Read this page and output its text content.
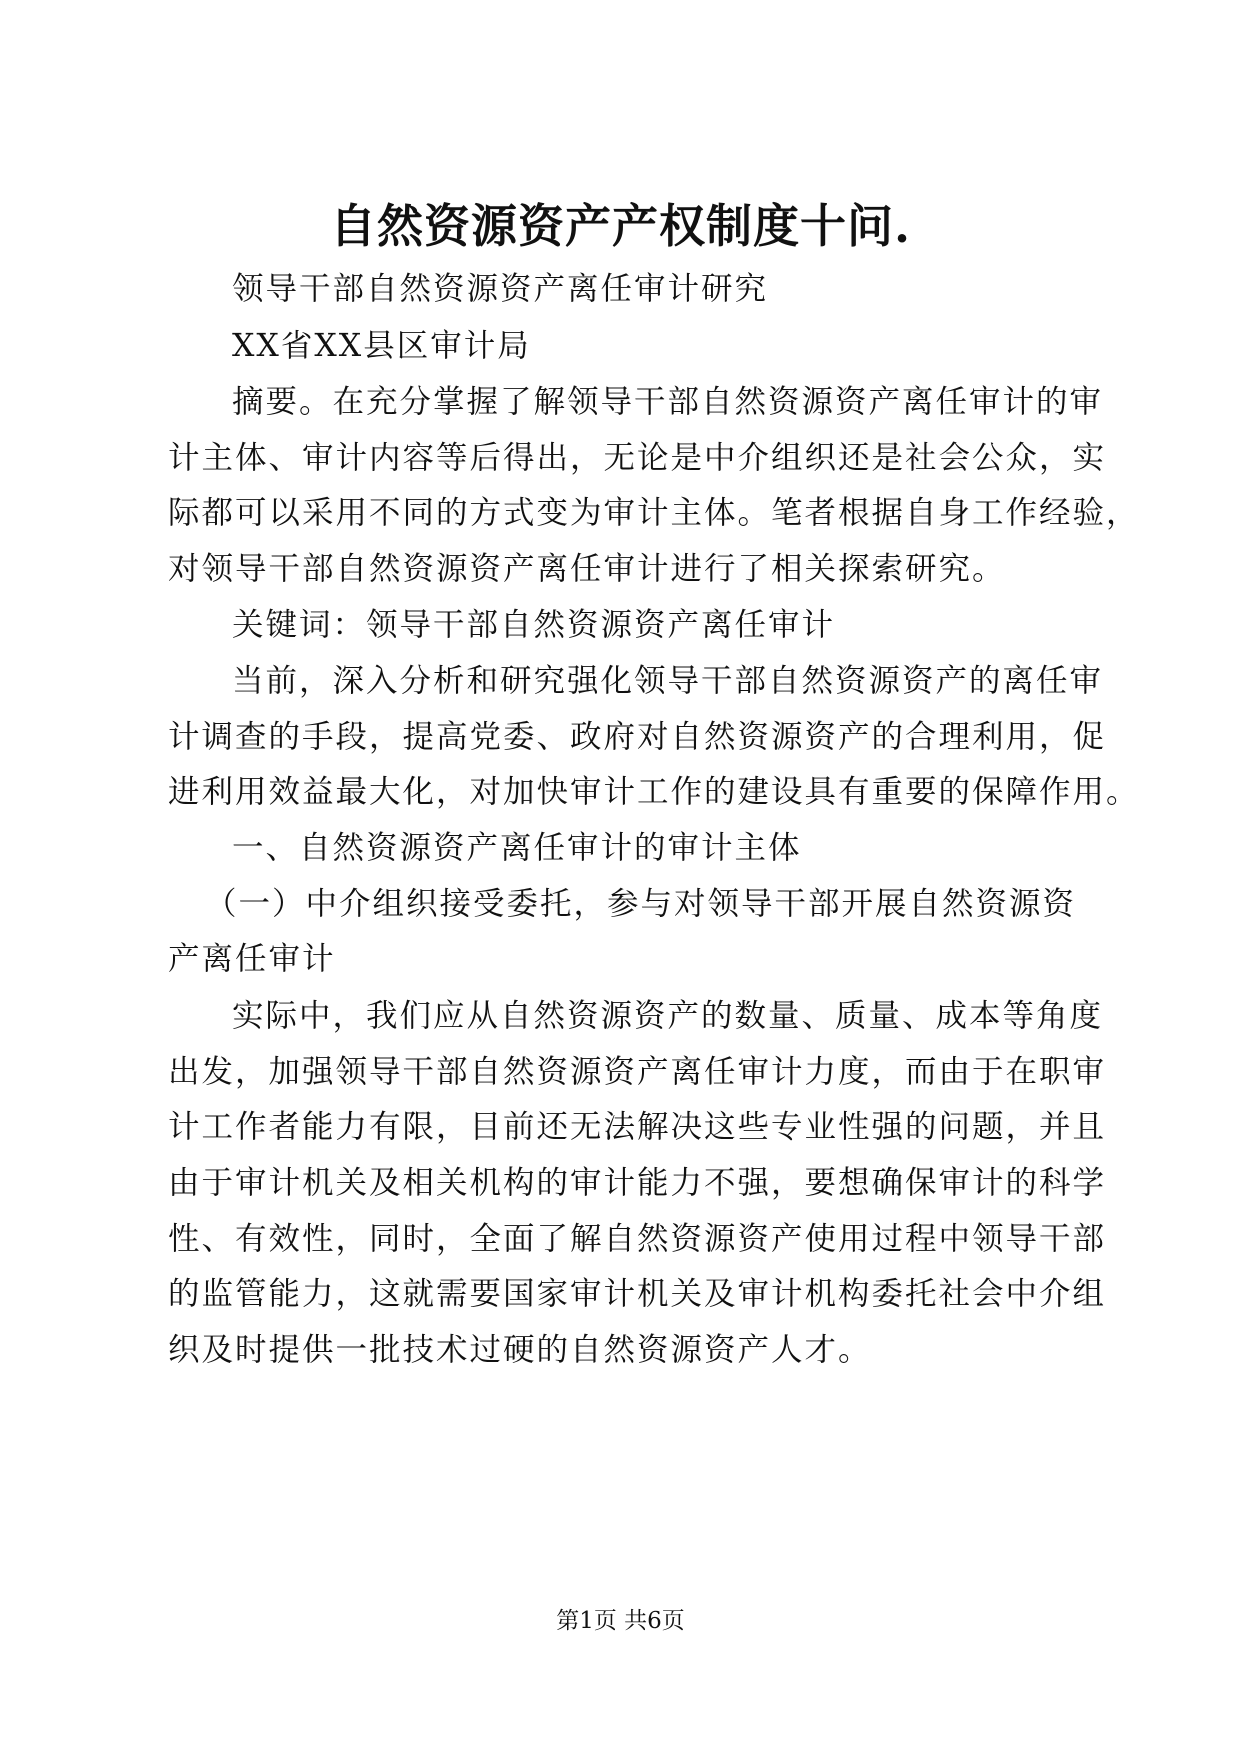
自然资源资产产权制度十问.
领导干部自然资源资产离任审计研究
XX省XX县区审计局
摘要。在充分掌握了解领导干部自然资源资产离任审计的审
计主体、审计内容等后得出，无论是中介组织还是社会公众，实
际都可以采用不同的方式变为审计主体。笔者根据自身工作经验，
对领导干部自然资源资产离任审计进行了相关探索研究。
关键词：领导干部自然资源资产离任审计
当前，深入分析和研究强化领导干部自然资源资产的离任审
计调查的手段，提高党委、政府对自然资源资产的合理利用，促
进利用效益最大化，对加快审计工作的建设具有重要的保障作用。
一、自然资源资产离任审计的审计主体
（一）中介组织接受委托，参与对领导干部开展自然资源资
产离任审计
实际中，我们应从自然资源资产的数量、质量、成本等角度
出发，加强领导干部自然资源资产离任审计力度，而由于在职审
计工作者能力有限，目前还无法解决这些专业性强的问题，并且
由于审计机关及相关机构的审计能力不强，要想确保审计的科学
性、有效性，同时，全面了解自然资源资产使用过程中领导干部
的监管能力，这就需要国家审计机关及审计机构委托社会中介组
织及时提供一批技术过硬的自然资源资产人才。
第1页 共6页
